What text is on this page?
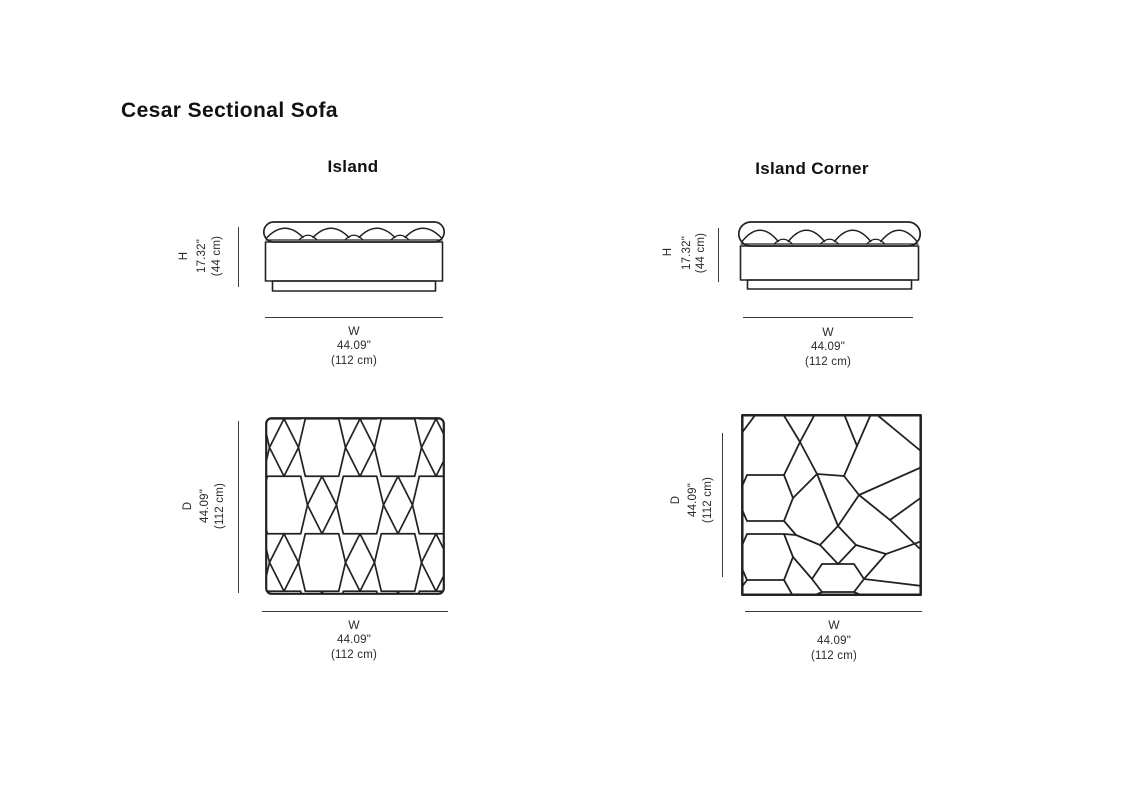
Cesar Sectional Sofa
Island
H 17.32" (44 cm)
W
44.09"
(112 cm)
D 44.09" (112 cm)
W
44.09"
(112 cm)
Island Corner
H 17.32" (44 cm)
W
44.09"
(112 cm)
D 44.09" (112 cm)
W
44.09"
(112 cm)
